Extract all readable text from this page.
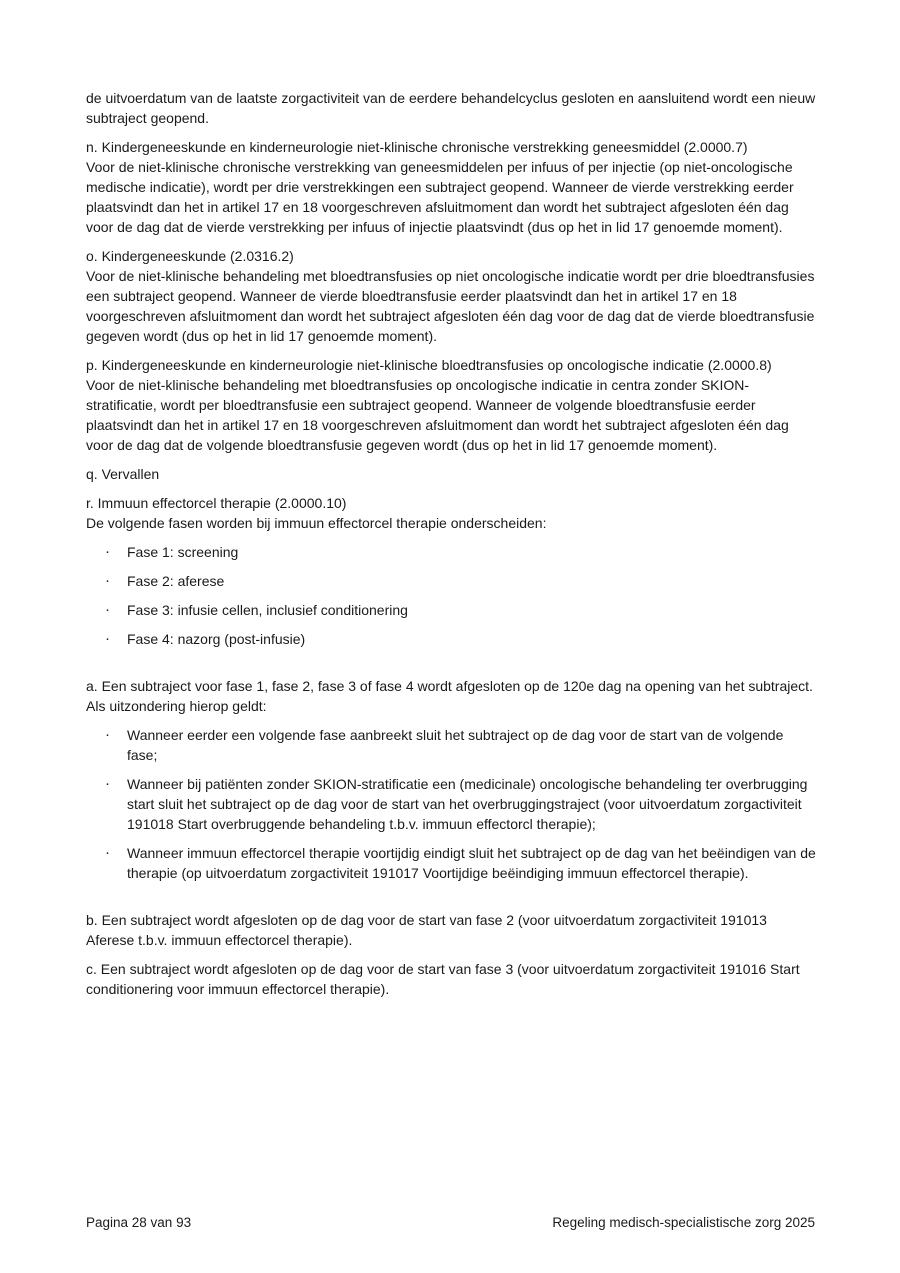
de uitvoerdatum van de laatste zorgactiviteit van de eerdere behandelcyclus gesloten en aansluitend wordt een nieuw subtraject geopend.

n. Kindergeneeskunde en kinderneurologie niet-klinische chronische verstrekking geneesmiddel (2.0000.7)
Voor de niet-klinische chronische verstrekking van geneesmiddelen per infuus of per injectie (op niet-oncologische medische indicatie), wordt per drie verstrekkingen een subtraject geopend. Wanneer de vierde verstrekking eerder plaatsvindt dan het in artikel 17 en 18 voorgeschreven afsluitmoment dan wordt het subtraject afgesloten één dag voor de dag dat de vierde verstrekking per infuus of injectie plaatsvindt (dus op het in lid 17 genoemde moment).
o. Kindergeneeskunde (2.0316.2)
Voor de niet-klinische behandeling met bloedtransfusies op niet oncologische indicatie wordt per drie bloedtransfusies een subtraject geopend. Wanneer de vierde bloedtransfusie eerder plaatsvindt dan het in artikel 17 en 18 voorgeschreven afsluitmoment dan wordt het subtraject afgesloten één dag voor de dag dat de vierde bloedtransfusie gegeven wordt (dus op het in lid 17 genoemde moment).
p. Kindergeneeskunde en kinderneurologie niet-klinische bloedtransfusies op oncologische indicatie (2.0000.8)
Voor de niet-klinische behandeling met bloedtransfusies op oncologische indicatie in centra zonder SKION-stratificatie, wordt per bloedtransfusie een subtraject geopend. Wanneer de volgende bloedtransfusie eerder plaatsvindt dan het in artikel 17 en 18 voorgeschreven afsluitmoment dan wordt het subtraject afgesloten één dag voor de dag dat de volgende bloedtransfusie gegeven wordt (dus op het in lid 17 genoemde moment).

q. Vervallen

r. Immuun effectorcel therapie (2.0000.10)
De volgende fasen worden bij immuun effectorcel therapie onderscheiden:
·	Fase 1: screening
·	Fase 2: aferese
·	Fase 3: infusie cellen, inclusief conditionering
·	Fase 4: nazorg (post-infusie)

a. Een subtraject voor fase 1, fase 2, fase 3 of fase 4 wordt afgesloten op de 120e dag na opening van het subtraject. Als uitzondering hierop geldt:

·	Wanneer eerder een volgende fase aanbreekt sluit het subtraject op de dag voor de start van de volgende fase;
·	Wanneer bij patiënten zonder SKION-stratificatie een (medicinale) oncologische behandeling ter overbrugging start sluit het subtraject op de dag voor de start van het overbruggingstraject (voor uitvoerdatum zorgactiviteit 191018 Start overbruggende behandeling t.b.v. immuun effectorcl therapie);
·	Wanneer immuun effectorcel therapie voortijdig eindigt sluit het subtraject op de dag van het beëindigen van de therapie (op uitvoerdatum zorgactiviteit 191017 Voortijdige beëindiging immuun effectorcel therapie).

b. Een subtraject wordt afgesloten op de dag voor de start van fase 2 (voor uitvoerdatum zorgactiviteit 191013 Aferese t.b.v. immuun effectorcel therapie).

c. Een subtraject wordt afgesloten op de dag voor de start van fase 3 (voor uitvoerdatum zorgactiviteit 191016 Start conditionering voor immuun effectorcel therapie).

Pagina 28 van 93	Regeling medisch-specialistische zorg 2025
